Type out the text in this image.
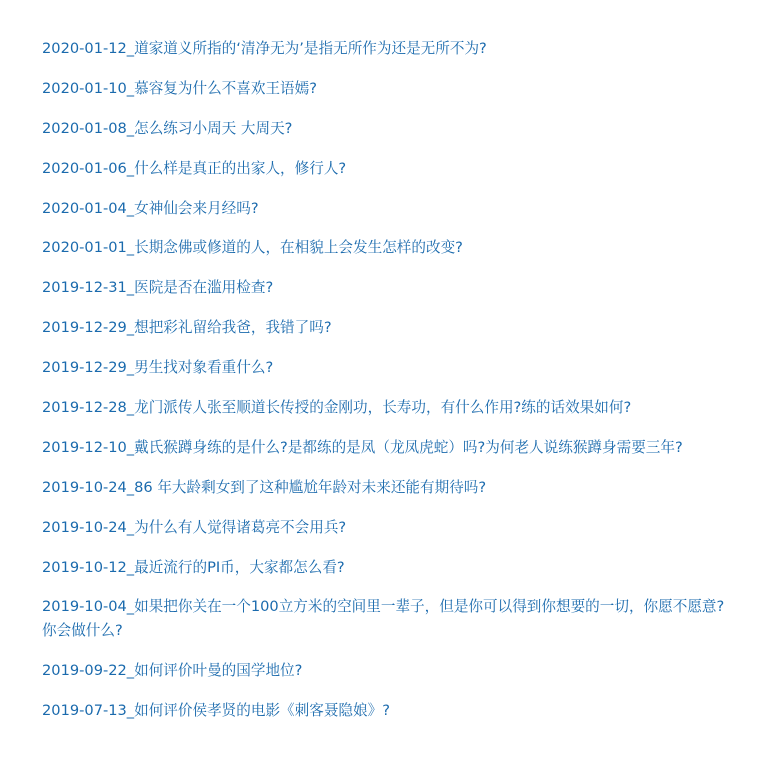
2020-01-12_道家道义所指的‘清净无为’是指无所作为还是无所不为?
2020-01-10_慕容复为什么不喜欢王语嫣?
2020-01-08_怎么练习小周天 大周天?
2020-01-06_什么样是真正的出家人，修行人?
2020-01-04_女神仙会来月经吗?
2020-01-01_长期念佛或修道的人，在相貌上会发生怎样的改变?
2019-12-31_医院是否在滥用检查?
2019-12-29_想把彩礼留给我爸，我错了吗?
2019-12-29_男生找对象看重什么?
2019-12-28_龙门派传人张至顺道长传授的金刚功，长寿功，有什么作用?练的话效果如何?
2019-12-10_戴氏猴蹲身练的是什么?是都练的是凤（龙凤虎蛇）吗?为何老人说练猴蹲身需要三年?
2019-10-24_86 年大龄剩女到了这种尴尬年龄对未来还能有期待吗?
2019-10-24_为什么有人觉得诸葛亮不会用兵?
2019-10-12_最近流行的PI币，大家都怎么看?
2019-10-04_如果把你关在一个100立方米的空间里一辈子，但是你可以得到你想要的一切，你愿不愿意?你会做什么?
2019-09-22_如何评价叶曼的国学地位?
2019-07-13_如何评价侯孝贤的电影《刺客聂隐娘》?
